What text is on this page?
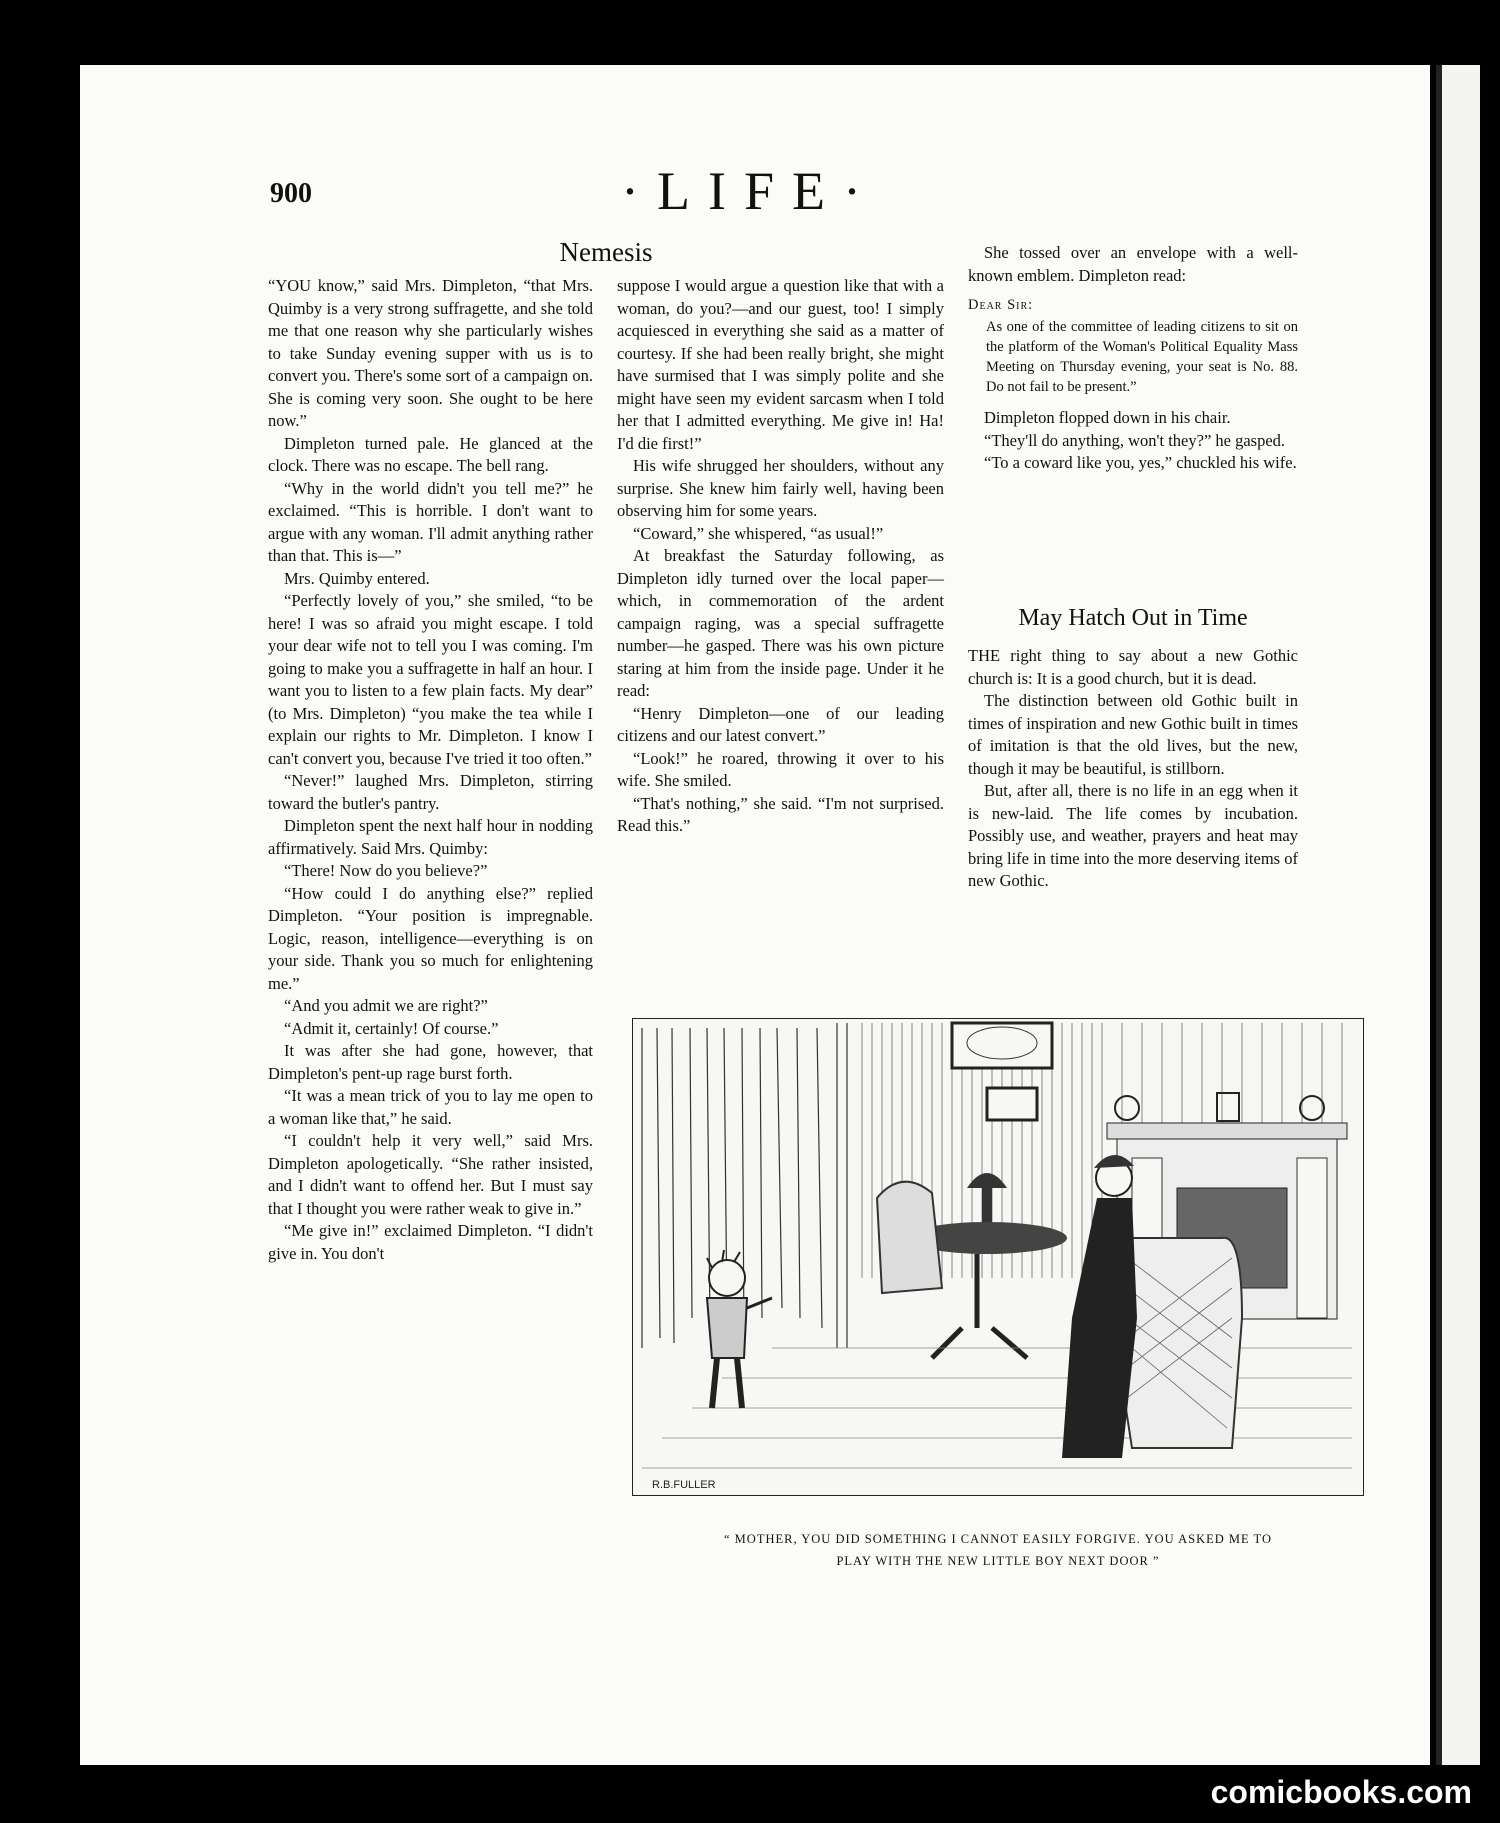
900	·LIFE·
Nemesis

“YOU know,” said Mrs. Dimpleton, “that Mrs. Quimby is a very strong suffragette, and she told me that one reason why she particularly wishes to take Sunday evening supper with us is to convert you. There's some sort of a campaign on. She is coming very soon. She ought to be here now.”

Dimpleton turned pale. He glanced at the clock. There was no escape. The bell rang.

“Why in the world didn't you tell me?” he exclaimed. “This is horrible. I don't want to argue with any woman. I'll admit anything rather than that. This is—”

Mrs. Quimby entered.

“Perfectly lovely of you,” she smiled, “to be here! I was so afraid you might escape. I told your dear wife not to tell you I was coming. I'm going to make you a suffragette in half an hour. I want you to listen to a few plain facts. My dear” (to Mrs. Dimpleton) “you make the tea while I explain our rights to Mr. Dimpleton. I know I can't convert you, because I've tried it too often.”

“Never!” laughed Mrs. Dimpleton, stirring toward the butler's pantry.

Dimpleton spent the next half hour in nodding affirmatively. Said Mrs. Quimby:

“There! Now do you believe?”

“How could I do anything else?” replied Dimpleton. “Your position is impregnable. Logic, reason, intelligence—everything is on your side. Thank you so much for enlightening me.”

“And you admit we are right?”

“Admit it, certainly! Of course.”

It was after she had gone, however, that Dimpleton's pent-up rage burst forth.

“It was a mean trick of you to lay me open to a woman like that,” he said.

“I couldn't help it very well,” said Mrs. Dimpleton apologetically. “She rather insisted, and I didn't want to offend her. But I must say that I thought you were rather weak to give in.”

“Me give in!” exclaimed Dimpleton. “I didn't give in. You don't

suppose I would argue a question like that with a woman, do you?—and our guest, too! I simply acquiesced in everything she said as a matter of courtesy. If she had been really bright, she might have surmised that I was simply polite and she might have seen my evident sarcasm when I told her that I admitted everything. Me give in! Ha! I'd die first!”

His wife shrugged her shoulders, without any surprise. She knew him fairly well, having been observing him for some years.

“Coward,” she whispered, “as usual!”

At breakfast the Saturday following, as Dimpleton idly turned over the local paper—which, in commemoration of the ardent campaign raging, was a special suffragette number—he gasped. There was his own picture staring at him from the inside page. Under it he read:

“Henry Dimpleton—one of our leading citizens and our latest convert.”

“Look!” he roared, throwing it over to his wife. She smiled.

“That's nothing,” she said. “I'm not surprised. Read this.”

She tossed over an envelope with a well-known emblem. Dimpleton read:

Dear Sir:
As one of the committee of leading citizens to sit on the platform of the Woman's Political Equality Mass Meeting on Thursday evening, your seat is No. 88. Do not fail to be present.”

Dimpleton flopped down in his chair.

“They'll do anything, won't they?” he gasped.

“To a coward like you, yes,” chuckled his wife.

May Hatch Out in Time

THE right thing to say about a new Gothic church is: It is a good church, but it is dead.

The distinction between old Gothic built in times of inspiration and new Gothic built in times of imitation is that the old lives, but the new, though it may be beautiful, is stillborn.

But, after all, there is no life in an egg when it is new-laid. The life comes by incubation. Possibly use, and weather, prayers and heat may bring life in time into the more deserving items of new Gothic.

R.B.FULLER
“ MOTHER, YOU DID SOMETHING I CANNOT EASILY FORGIVE. YOU ASKED ME TO
PLAY WITH THE NEW LITTLE BOY NEXT DOOR ”
comicbooks.com
